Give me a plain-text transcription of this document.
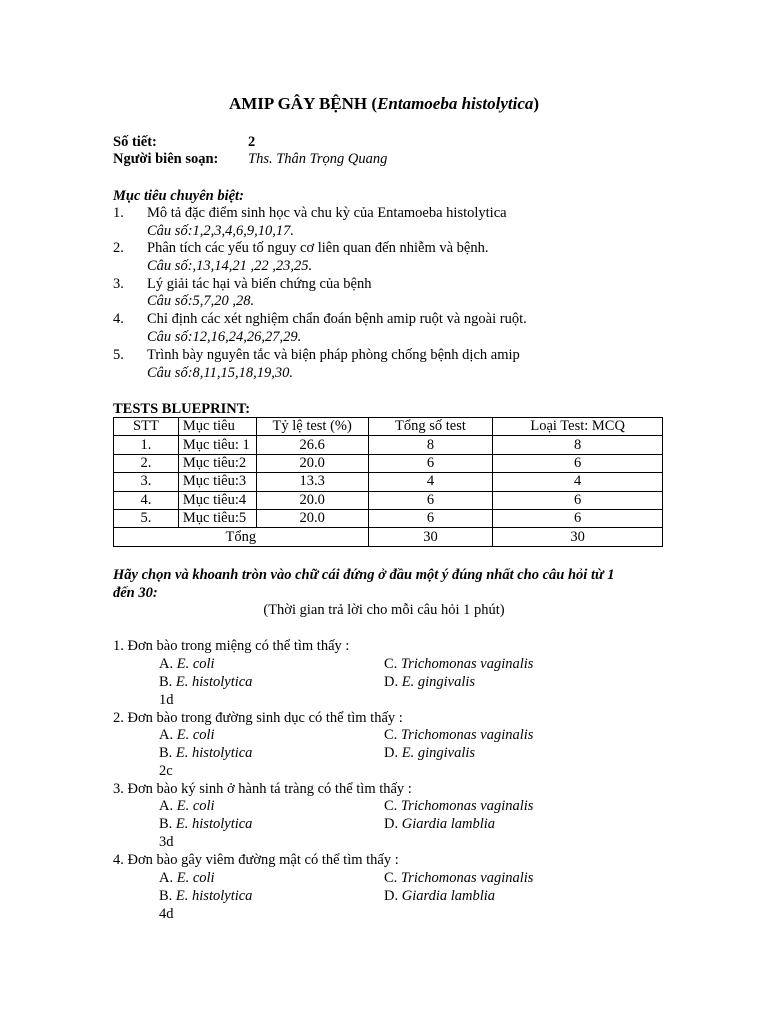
AMIP GÂY BỆNH (Entamoeba histolytica)
Số tiết:	2
Người biên soạn: Ths. Thân Trọng Quang
Mục tiêu chuyên biệt:
1. Mô tả đặc điểm sinh học và chu kỳ của Entamoeba histolytica
Câu số:1,2,3,4,6,9,10,17.
2. Phân tích các yếu tố nguy cơ liên quan đến nhiễm và bệnh.
Câu số:,13,14,21 ,22 ,23,25.
3. Lý giải tác hại và biến chứng của bệnh
Câu số:5,7,20 ,28.
4. Chỉ định các xét nghiệm chẩn đoán bệnh amip ruột và ngoài ruột.
Câu số:12,16,24,26,27,29.
5. Trình bày nguyên tắc và biện pháp phòng chống bệnh dịch amip
Câu số:8,11,15,18,19,30.
TESTS BLUEPRINT:
STT	Mục tiêu	Tỷ lệ test (%)	Tổng số test	Loại Test: MCQ
1.	Mục tiêu: 1	26.6	8	8
2.	Mục tiêu:2	20.0	6	6
3.	Mục tiêu:3	13.3	4	4
4.	Mục tiêu:4	20.0	6	6
5.	Mục tiêu:5	20.0	6	6
Tổng			30	30
Hãy chọn và khoanh tròn vào chữ cái đứng ở đầu một ý đúng nhất cho câu hỏi từ 1
đến 30:
(Thời gian trả lời cho mỗi câu hỏi 1 phút)
1. Đơn bào trong miệng có thể tìm thấy :
A. E. coli	C. Trichomonas vaginalis
B. E. histolytica	D. E. gingivalis
1d
2. Đơn bào trong đường sinh dục có thể tìm thấy :
A. E. coli	C. Trichomonas vaginalis
B. E. histolytica	D. E. gingivalis
2c
3. Đơn bào ký sinh ở hành tá tràng có thể tìm thấy :
A. E. coli	C. Trichomonas vaginalis
B. E. histolytica	D. Giardia lamblia
3d
4. Đơn bào gây viêm đường mật có thể tìm thấy :
A. E. coli	C. Trichomonas vaginalis
B. E. histolytica	D. Giardia lamblia
4d
